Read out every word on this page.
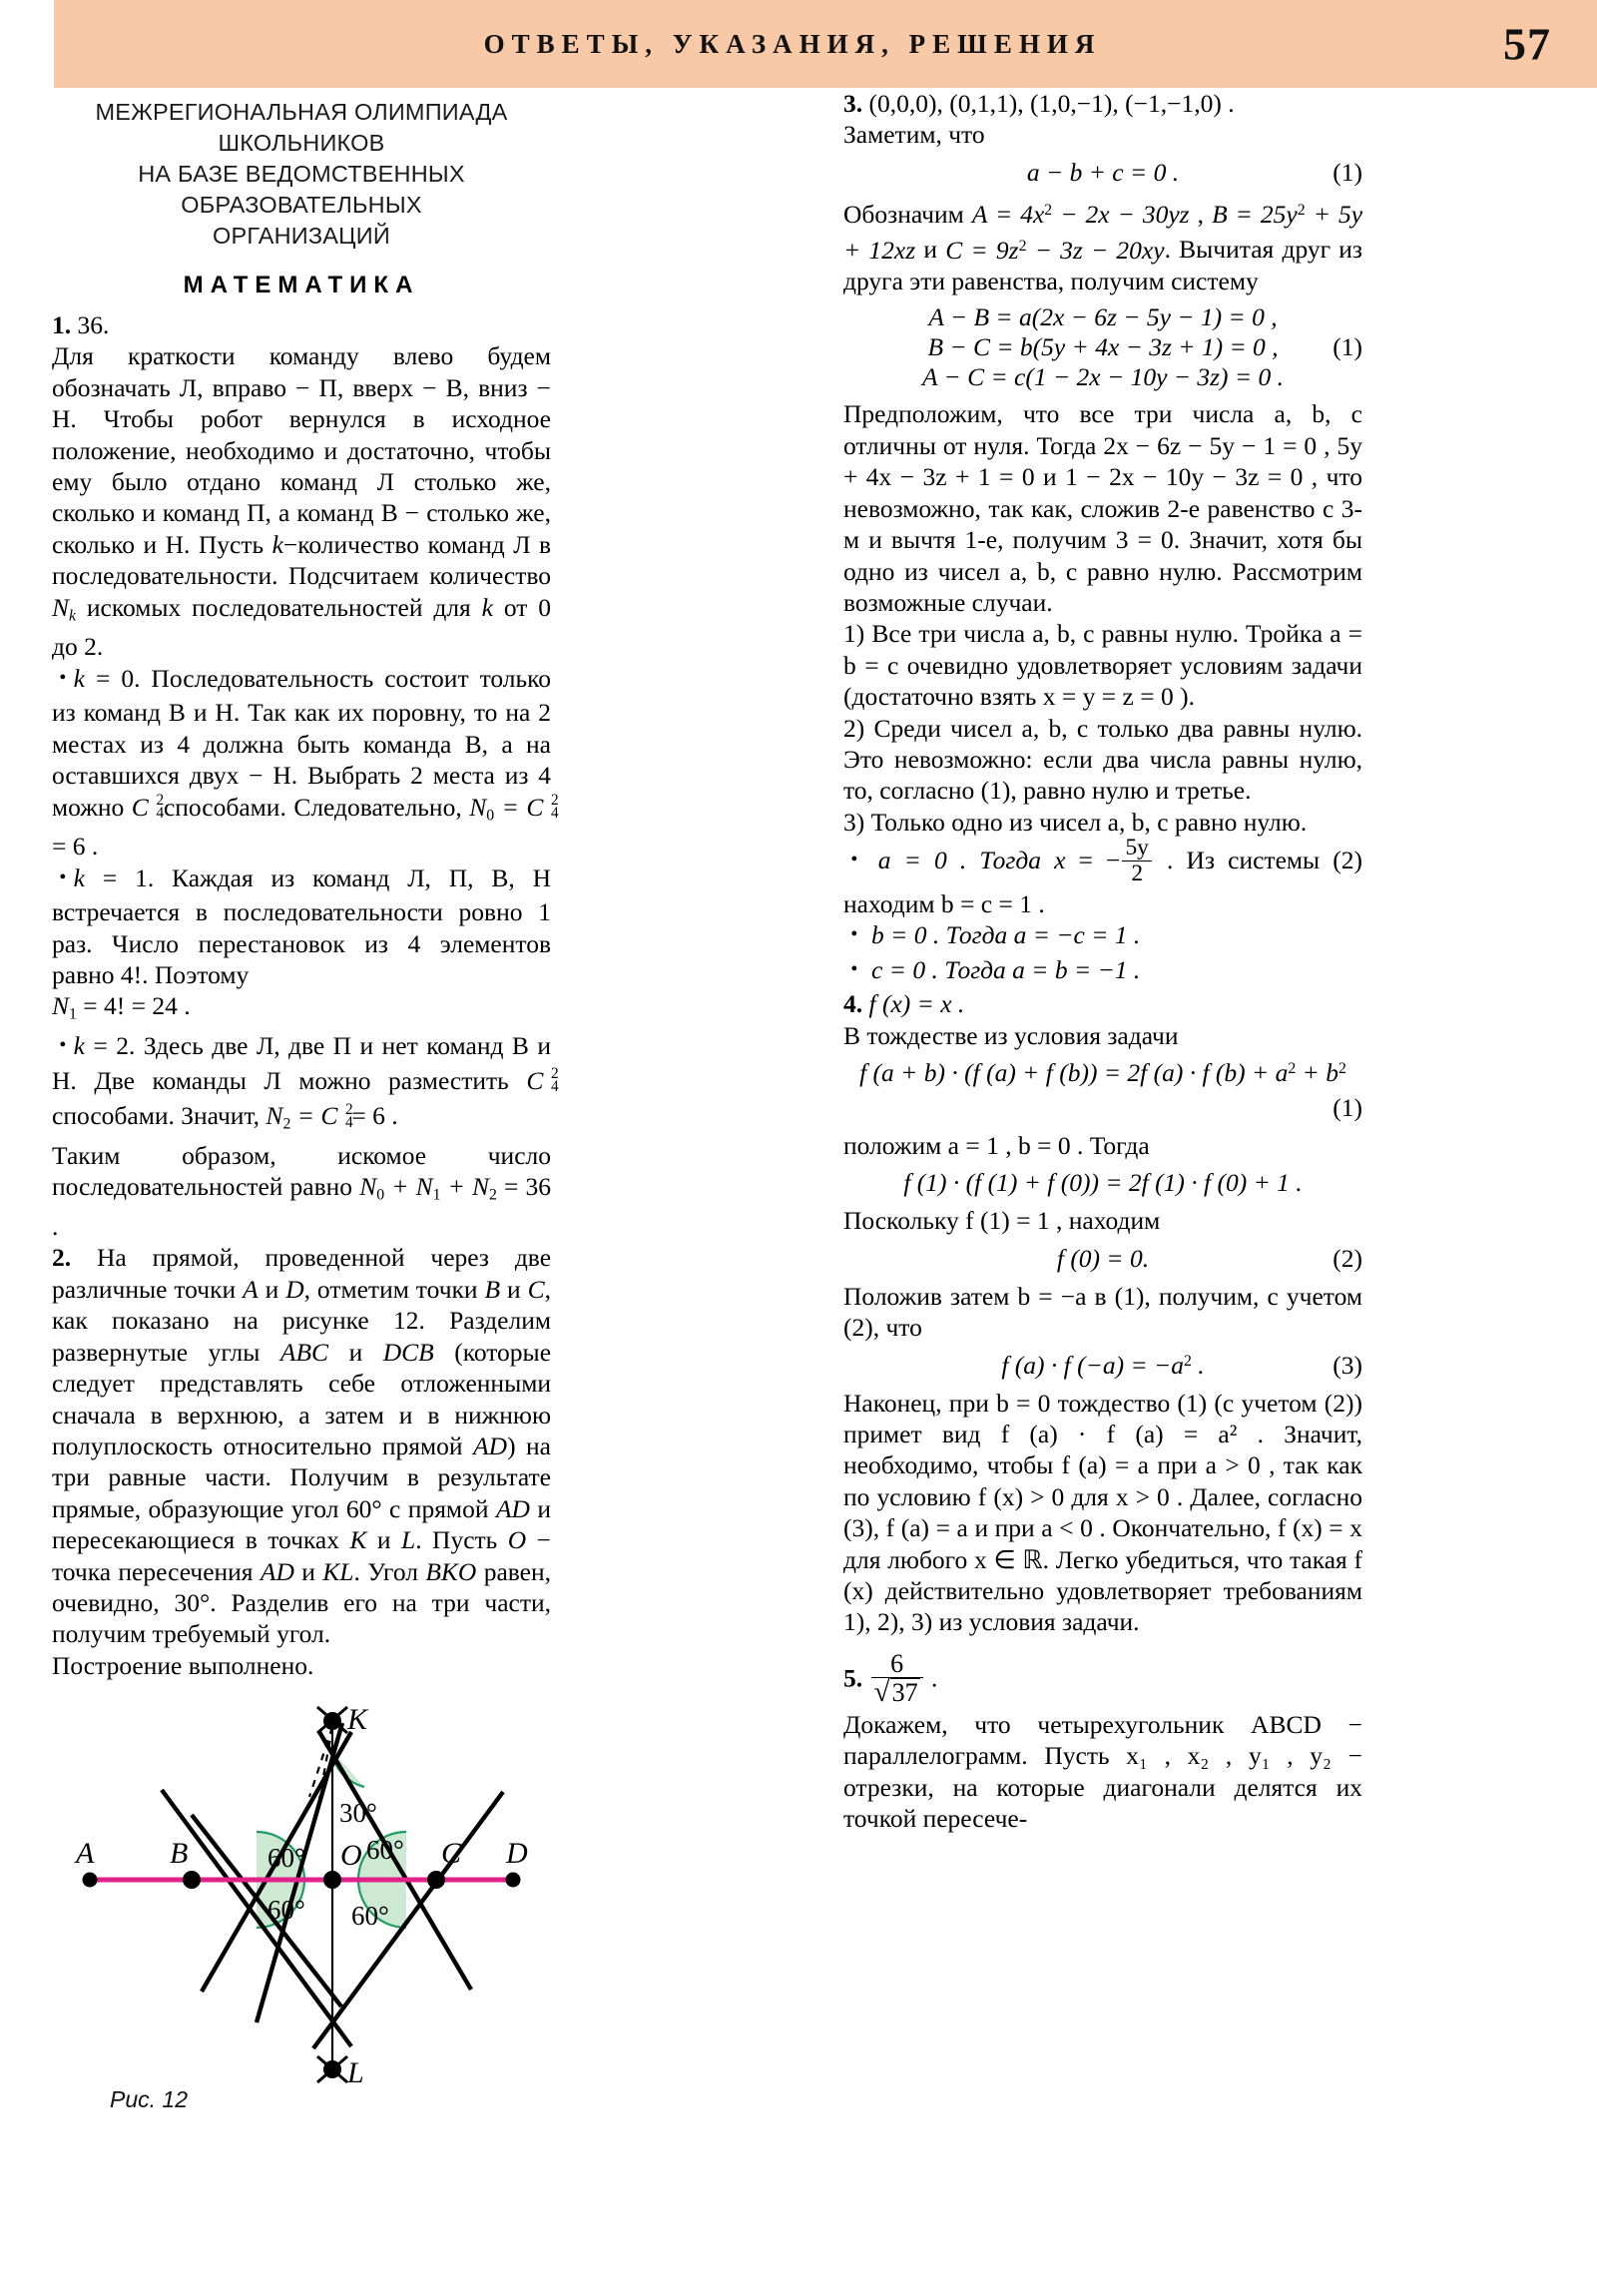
ОТВЕТЫ, УКАЗАНИЯ, РЕШЕНИЯ	57
МЕЖРЕГИОНАЛЬНАЯ ОЛИМПИАДА ШКОЛЬНИКОВ
НА БАЗЕ ВЕДОМСТВЕННЫХ ОБРАЗОВАТЕЛЬНЫХ
ОРГАНИЗАЦИЙ
МАТЕМАТИКА

1. 36.

Для краткости команду влево будем обозначать Л, вправо − П, вверх − В, вниз − Н. Чтобы робот вернулся в исходное положение, необходимо и достаточно, чтобы ему было отдано команд Л столько же, сколько и команд П, а команд В − столько же, сколько и Н. Пусть k−количество команд Л в последовательности. Подсчитаем количество $N_k$ искомых последовательностей для k от 0 до 2.

•k = 0. Последовательность состоит только из команд В и Н. Так как их поровну, то на 2 местах из 4 должна быть команда В, а на оставшихся двух − Н. Выбрать 2 места из 4 можно C 2
4 способами. Следовательно, $N_0 = C$ 2
4
= 6 .

•k = 1. Каждая из команд Л, П, В, Н встречается в последовательности ровно 1 раз. Число перестановок из 4 элементов равно 4!. Поэтому

$N_1 = 4$! = 24 .

•k = 2. Здесь две Л, две П и нет команд В и Н. Две команды Л можно разместить C 2
4
способами. Значит, $N_2 = C$ 2
4
= 6 .

Таким образом, искомое число последовательностей равно $N_0 + N_1 + N_2 = 36$ .

2. На прямой, проведенной через две различные точки A и D, отметим точки B и C, как показано на рисунке 12. Разделим развернутые углы ABC и DCB (которые следует представлять себе отложенными сначала в верхнюю, а затем и в нижнюю полуплоскость относительно прямой AD) на три равные части. Получим в результате прямые, образующие угол 60° с прямой AD и пересекающиеся в точках K и L. Пусть O − точка пересечения AD и KL. Угол BKO равен, очевидно, 30°. Разделив его на три части, получим требуемый угол.

Построение выполнено.

A	B	O	C D
K
L
30°
60°
60°
60°
60°
Рис. 12

3. (0,0,0), (0,1,1), (1,0,−1), (−1,−1,0) .

Заметим, что

a − b + c = 0 .	(1)

Обозначим $A = 4x^2 - 2x - 30yz$ , $B = 25y^2 + 5y + 12xz$ и $C = 9z^2 - 3z - 20xy$. Вычитая друг из друга эти равенства, получим систему

A − B = a(2x − 6z − 5y − 1) = 0 ,
B − C = b(5y + 4x − 3z + 1) = 0 ,
A − C = c(1 − 2x − 10y − 3z) = 0 .
(1)

Предположим, что все три числа a, b, c отличны от нуля. Тогда 2x − 6z − 5y − 1 = 0 , 5y + 4x − 3z + 1 = 0 и 1 − 2x − 10y − 3z = 0 , что невозможно, так как, сложив 2-е равенство с 3-м и вычтя 1-е, получим 3 = 0. Значит, хотя бы одно из чисел a, b, c равно нулю. Рассмотрим возможные случаи.

1) Все три числа a, b, c равны нулю. Тройка a = b = c очевидно удовлетворяет условиям задачи (достаточно взять x = y = z = 0 ).

2) Среди чисел a, b, c только два равны нулю. Это невозможно: если два числа равны нулю, то, согласно (1), равно нулю и третье.

3) Только одно из чисел a, b, c равно нулю.

• a = 0 . Тогда x = − $\frac{5y}{2}$ . Из системы (2) находим b = c = 1 .

• b = 0 . Тогда a = −c = 1 .

• c = 0 . Тогда a = b = −1 .

4. f (x) = x .

В тождестве из условия задачи

f (a + b) · (f (a) + f (b)) = 2f (a) · f $(b) + a^2 + b^2$
(1)

положим a = 1 , b = 0 . Тогда

f (1) · (f (1) + f (0)) = 2f (1) · f (0) + 1 .

Поскольку f (1) = 1 , находим

f (0) = 0.	(2)

Положив затем b = −a в (1), получим, с учетом (2), что

f (a) · f $(-a) = -a^2$ .	(3)

Наконец, при b = 0 тождество (1) (с учетом (2)) примет вид f (a) · f (a) = a² . Значит, необходимо, чтобы f (a) = a при a > 0 , так как по условию f (x) > 0 для x > 0 . Далее, согласно (3), f (a) = a и при a < 0 . Окончательно, f (x) = x для любого x ∈ ℝ. Легко убедиться, что такая f (x) действительно удовлетворяет требованиям 1), 2), 3) из условия задачи.

5. 6
√ 37 .

Докажем, что четырехугольник ABCD − параллелограмм. Пусть x₁ , x₂ , y₁ , y₂ − отрезки, на которые диагонали делятся их точкой пересече-
